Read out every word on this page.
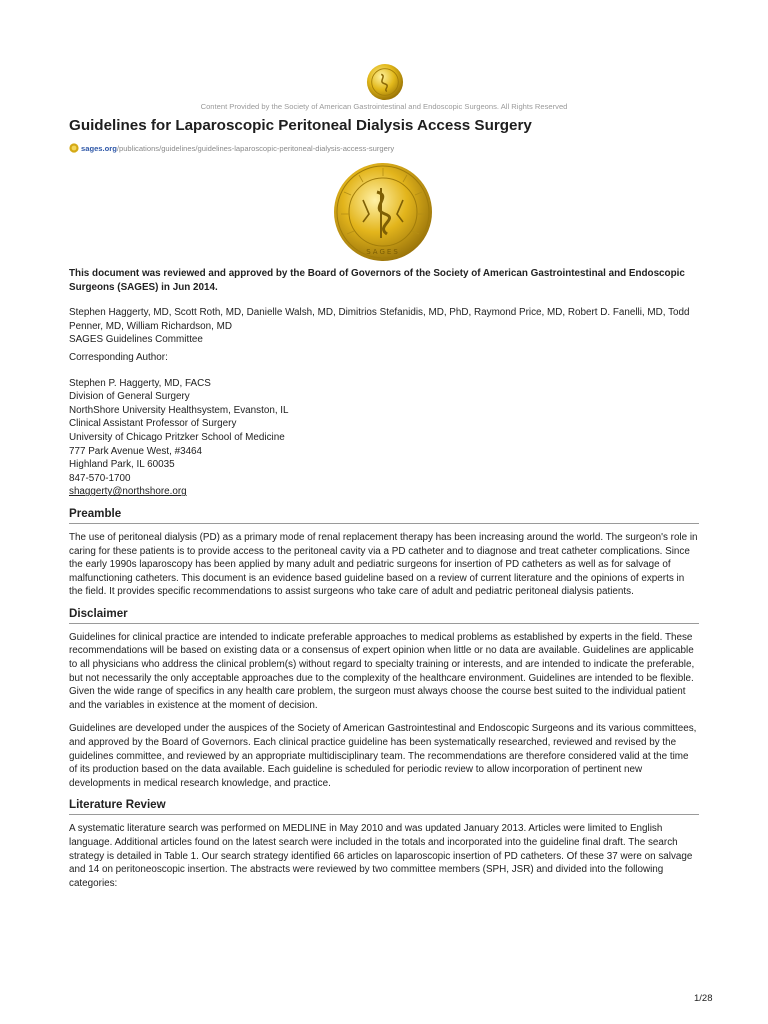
Content Provided by the Society of American Gastrointestinal and Endoscopic Surgeons. All Rights Reserved
Guidelines for Laparoscopic Peritoneal Dialysis Access Surgery
sages.org/publications/guidelines/guidelines-laparoscopic-peritoneal-dialysis-access-surgery
SAGES

This document was reviewed and approved by the Board of Governors of the Society of American Gastrointestinal and Endoscopic Surgeons (SAGES) in Jun 2014.

Stephen Haggerty, MD, Scott Roth, MD, Danielle Walsh, MD, Dimitrios Stefanidis, MD, PhD, Raymond Price, MD, Robert D. Fanelli, MD, Todd Penner, MD, William Richardson, MD

SAGES Guidelines Committee

Corresponding Author:

Stephen P. Haggerty, MD, FACS

Division of General Surgery

NorthShore University Healthsystem, Evanston, IL

Clinical Assistant Professor of Surgery

University of Chicago Pritzker School of Medicine

777 Park Avenue West, #3464

Highland Park, IL 60035

847-570-1700

shaggerty@northshore.org

Preamble

The use of peritoneal dialysis (PD) as a primary mode of renal replacement therapy has been increasing around the world. The surgeon's role in caring for these patients is to provide access to the peritoneal cavity via a PD catheter and to diagnose and treat catheter complications. Since the early 1990s laparoscopy has been applied by many adult and pediatric surgeons for insertion of PD catheters as well as for salvage of malfunctioning catheters. This document is an evidence based guideline based on a review of current literature and the opinions of experts in the field. It provides specific recommendations to assist surgeons who take care of adult and pediatric peritoneal dialysis patients.

Disclaimer

Guidelines for clinical practice are intended to indicate preferable approaches to medical problems as established by experts in the field. These recommendations will be based on existing data or a consensus of expert opinion when little or no data are available. Guidelines are applicable to all physicians who address the clinical problem(s) without regard to specialty training or interests, and are intended to indicate the preferable, but not necessarily the only acceptable approaches due to the complexity of the healthcare environment. Guidelines are intended to be flexible. Given the wide range of specifics in any health care problem, the surgeon must always choose the course best suited to the individual patient and the variables in existence at the moment of decision.

Guidelines are developed under the auspices of the Society of American Gastrointestinal and Endoscopic Surgeons and its various committees, and approved by the Board of Governors. Each clinical practice guideline has been systematically researched, reviewed and revised by the guidelines committee, and reviewed by an appropriate multidisciplinary team. The recommendations are therefore considered valid at the time of its production based on the data available. Each guideline is scheduled for periodic review to allow incorporation of pertinent new developments in medical research knowledge, and practice.

Literature Review

A systematic literature search was performed on MEDLINE in May 2010 and was updated January 2013. Articles were limited to English language. Additional articles found on the latest search were included in the totals and incorporated into the guideline final draft. The search strategy is detailed in Table 1. Our search strategy identified 66 articles on laparoscopic insertion of PD catheters. Of these 37 were on salvage and 14 on peritoneoscopic insertion. The abstracts were reviewed by two committee members (SPH, JSR) and divided into the following categories:

1/28
